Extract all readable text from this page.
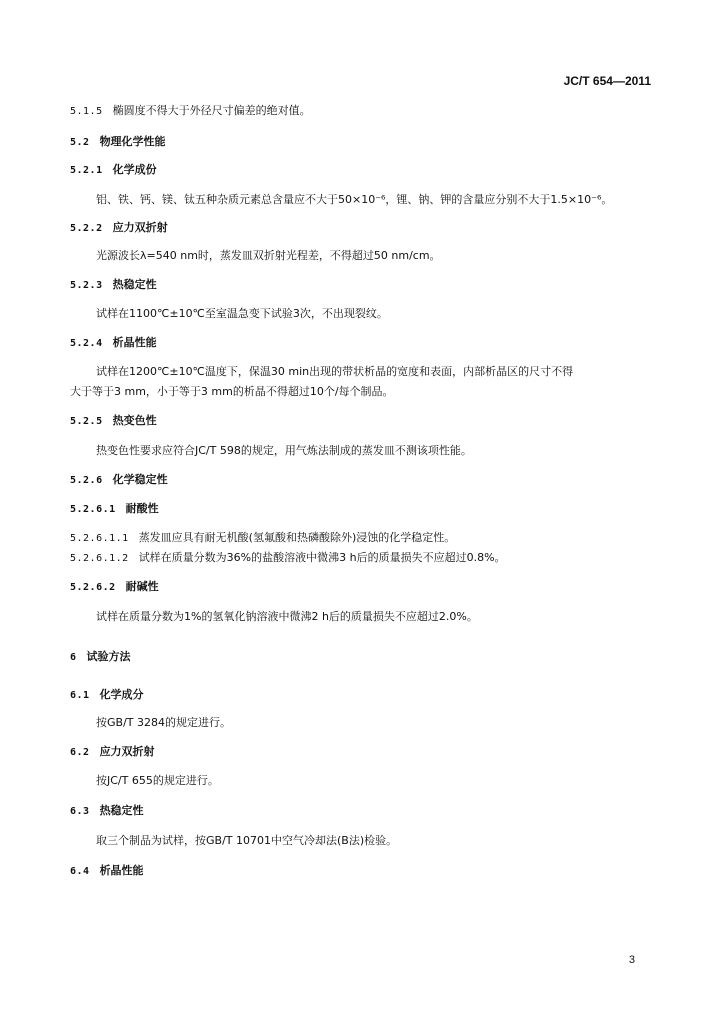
JC/T 654—2011
5.1.5 椭圆度不得大于外径尺寸偏差的绝对值。
5.2 物理化学性能
5.2.1 化学成份
铝、铁、钙、镁、钛五种杂质元素总含量应不大于50×10⁻⁶，锂、钠、钾的含量应分别不大于1.5×10⁻⁶。
5.2.2 应力双折射
光源波长λ=540 nm时，蒸发皿双折射光程差，不得超过50 nm/cm。
5.2.3 热稳定性
试样在1100℃±10℃至室温急变下试验3次，不出现裂纹。
5.2.4 析晶性能
试样在1200℃±10℃温度下，保温30 min出现的带状析晶的宽度和表面，内部析晶区的尺寸不得
大于等于3 mm，小于等于3 mm的析晶不得超过10个/每个制品。
5.2.5 热变色性
热变色性要求应符合JC/T 598的规定，用气炼法制成的蒸发皿不测该项性能。
5.2.6 化学稳定性
5.2.6.1 耐酸性
5.2.6.1.1 蒸发皿应具有耐无机酸(氢氟酸和热磷酸除外)浸蚀的化学稳定性。
5.2.6.1.2 试样在质量分数为36%的盐酸溶液中微沸3 h后的质量损失不应超过0.8%。
5.2.6.2 耐碱性
试样在质量分数为1%的氢氧化钠溶液中微沸2 h后的质量损失不应超过2.0%。
6 试验方法
6.1 化学成分
按GB/T 3284的规定进行。
6.2 应力双折射
按JC/T 655的规定进行。
6.3 热稳定性
取三个制品为试样，按GB/T 10701中空气冷却法(B法)检验。
6.4 析晶性能
3
